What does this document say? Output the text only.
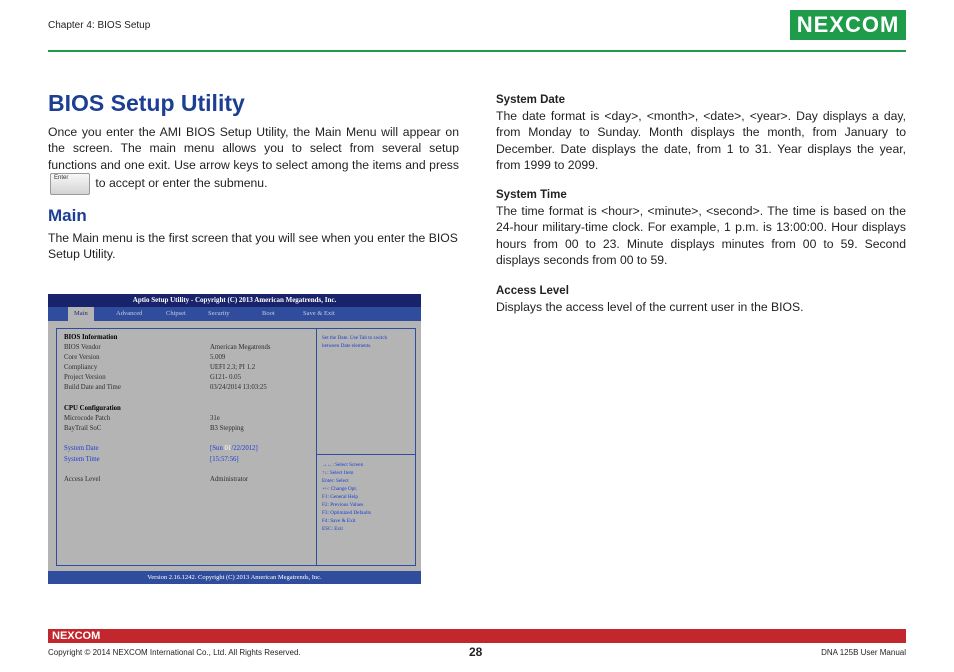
Chapter 4: BIOS Setup	NEXCOM
BIOS Setup Utility
Once you enter the AMI BIOS Setup Utility, the Main Menu will appear on the screen. The main menu allows you to select from several setup functions and one exit. Use arrow keys to select among the items and press Enter to accept or enter the submenu.
Main
The Main menu is the first screen that you will see when you enter the BIOS Setup Utility.
Aptio Setup Utility - Copyright (C) 2013 American Megatrends, Inc.
Main	Advanced	Chipset	Security	Boot	Save & Exit
BIOS Information
BIOS Vendor	American Megatrends
Core Version	5.009
Compliancy	UEFI 2.3; PI 1.2
Project Version	G121- 0.05
Build Date and Time	03/24/2014 13:03:25
CPU Configuration
Microcode Patch	31e
BayTrail SoC	B3 Stepping
System Date	[Sun 01/22/2012]
System Time	[15:57:56]
Access Level	Administrator
Set the Date. Use Tab to switch
between Date elements.
→←: Select Screen
↑↓: Select Item
Enter: Select
+/-: Change Opt.
F1: General Help
F2: Previous Values
F3: Optimized Defaults
F4: Save & Exit
ESC: Exit
Version 2.16.1242. Copyright (C) 2013 American Megatrends, Inc.
System Date
The date format is <day>, <month>, <date>, <year>. Day displays a day, from Monday to Sunday. Month displays the month, from January to December. Date displays the date, from 1 to 31. Year displays the year, from 1999 to 2099.
System Time
The time format is <hour>, <minute>, <second>. The time is based on the 24-hour military-time clock. For example, 1 p.m. is 13:00:00. Hour displays hours from 00 to 23. Minute displays minutes from 00 to 59. Second displays seconds from 00 to 59.
Access Level
Displays the access level of the current user in the BIOS.
NEXCOM
Copyright © 2014 NEXCOM International Co., Ltd. All Rights Reserved.	28	DNA 125B User Manual
